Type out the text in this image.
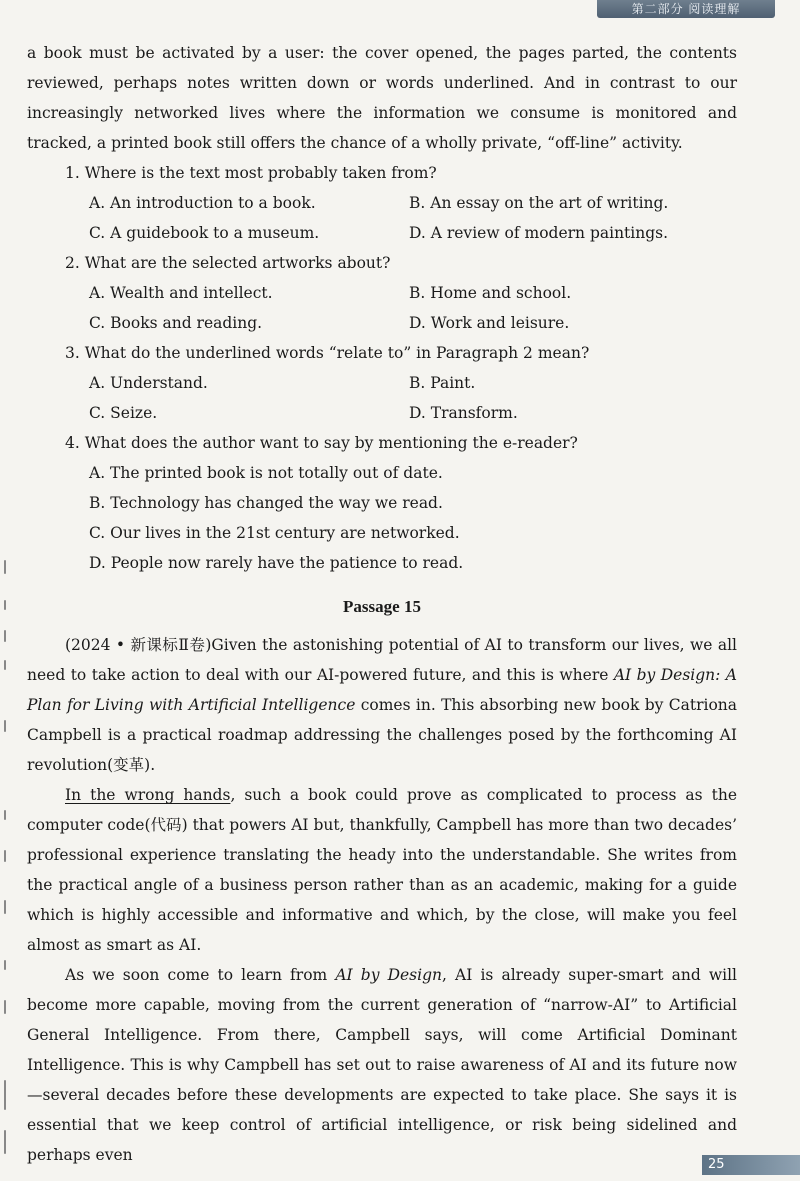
第二部分 阅读理解

a book must be activated by a user: the cover opened, the pages parted, the contents reviewed, perhaps notes written down or words underlined. And in contrast to our increasingly networked lives where the information we consume is monitored and tracked, a printed book still offers the chance of a wholly private, “off-line” activity.

1. Where is the text most probably taken from?

A. An introduction to a book.	B. An essay on the art of writing.
C. A guidebook to a museum.	D. A review of modern paintings.

2. What are the selected artworks about?

A. Wealth and intellect.	B. Home and school.
C. Books and reading.	D. Work and leisure.

3. What do the underlined words “relate to” in Paragraph 2 mean?

A. Understand.	B. Paint.
C. Seize.	D. Transform.

4. What does the author want to say by mentioning the e-reader?

A. The printed book is not totally out of date.
B. Technology has changed the way we read.
C. Our lives in the 21st century are networked.
D. People now rarely have the patience to read.
Passage 15

(2024 • 新课标Ⅱ卷)Given the astonishing potential of AI to transform our lives, we all need to take action to deal with our AI-powered future, and this is where AI by Design: A Plan for Living with Artificial Intelligence comes in. This absorbing new book by Catriona Campbell is a practical roadmap addressing the challenges posed by the forthcoming AI revolution(变革).

In the wrong hands, such a book could prove as complicated to process as the computer code(代码) that powers AI but, thankfully, Campbell has more than two decades’ professional experience translating the heady into the understandable. She writes from the practical angle of a business person rather than as an academic, making for a guide which is highly accessible and informative and which, by the close, will make you feel almost as smart as AI.

As we soon come to learn from AI by Design, AI is already super-smart and will become more capable, moving from the current generation of “narrow-AI” to Artificial General Intelligence. From there, Campbell says, will come Artificial Dominant Intelligence. This is why Campbell has set out to raise awareness of AI and its future now—several decades before these developments are expected to take place. She says it is essential that we keep control of artificial intelligence, or risk being sidelined and perhaps even

25
